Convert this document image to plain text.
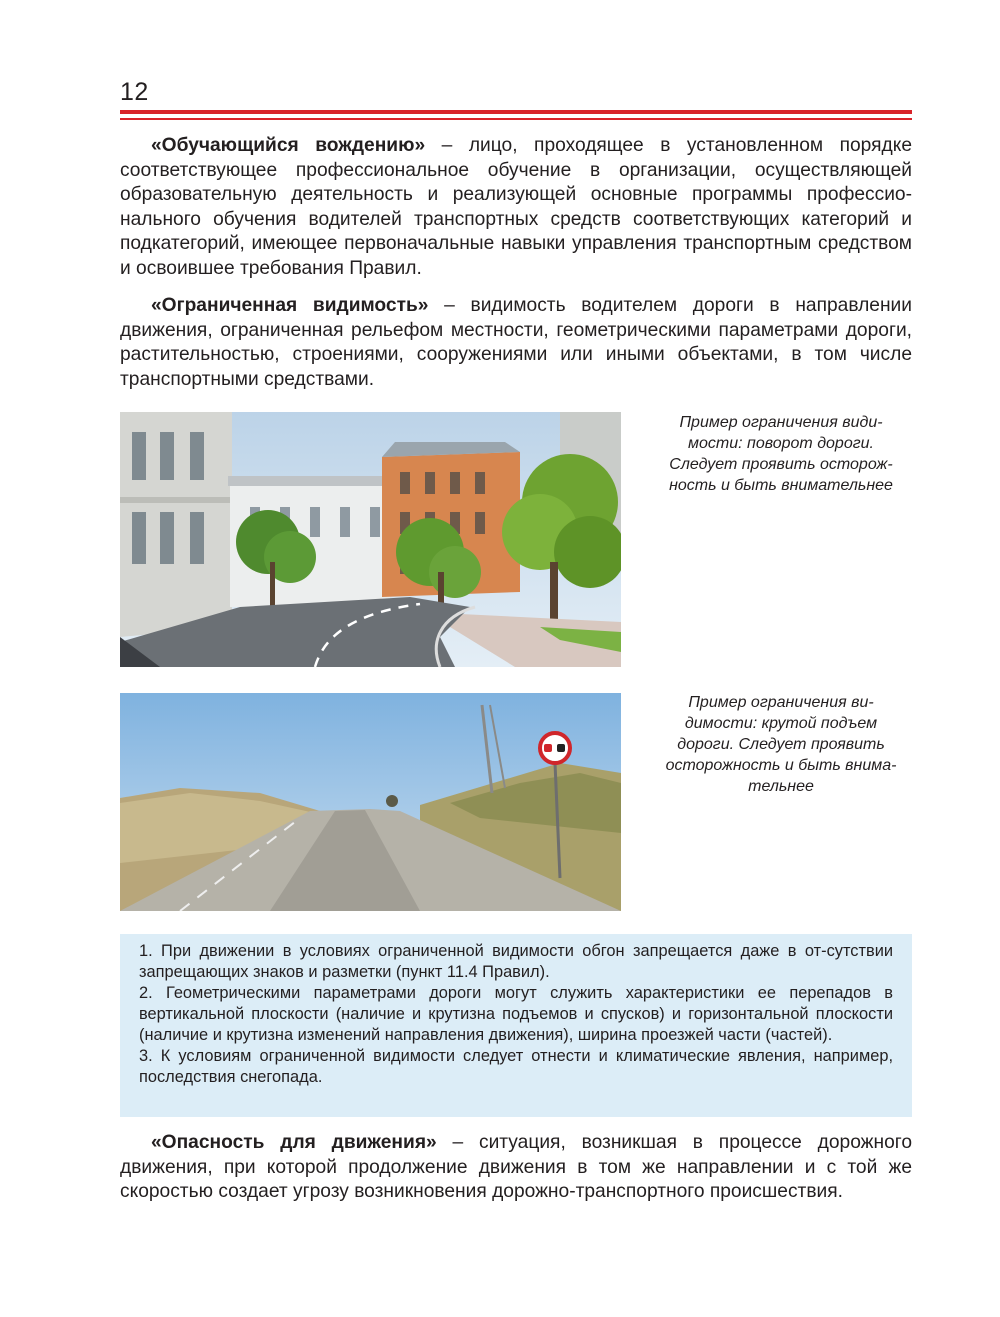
12
«Обучающийся вождению» – лицо, проходящее в установленном порядке соответствующее профессиональное обучение в организации, осуществляющей образовательную деятельность и реализующей основные программы профессио-нального обучения водителей транспортных средств соответствующих категорий и подкатегорий, имеющее первоначальные навыки управления транспортным средством и освоившее требования Правил.
«Ограниченная видимость» – видимость водителем дороги в направлении движения, ограниченная рельефом местности, геометрическими параметрами дороги, растительностью, строениями, сооружениями или иными объектами, в том числе транспортными средствами.
Пример ограничения види-мости: поворот дороги. Следует проявить осторож-ность и быть внимательнее
Пример ограничения ви-димости: крутой подъем дороги. Следует проявить осторожность и быть внима-тельнее

1. При движении в условиях ограниченной видимости обгон запрещается даже в от-сутствии запрещающих знаков и разметки (пункт 11.4 Правил).

2. Геометрическими параметрами дороги могут служить характеристики ее перепадов в вертикальной плоскости (наличие и крутизна подъемов и спусков) и горизонтальной плоскости (наличие и крутизна изменений направления движения), ширина проезжей части (частей).

3. К условиям ограниченной видимости следует отнести и климатические явления, например, последствия снегопада.

«Опасность для движения» – ситуация, возникшая в процессе дорожного движения, при которой продолжение движения в том же направлении и с той же скоростью создает угрозу возникновения дорожно-транспортного происшествия.
